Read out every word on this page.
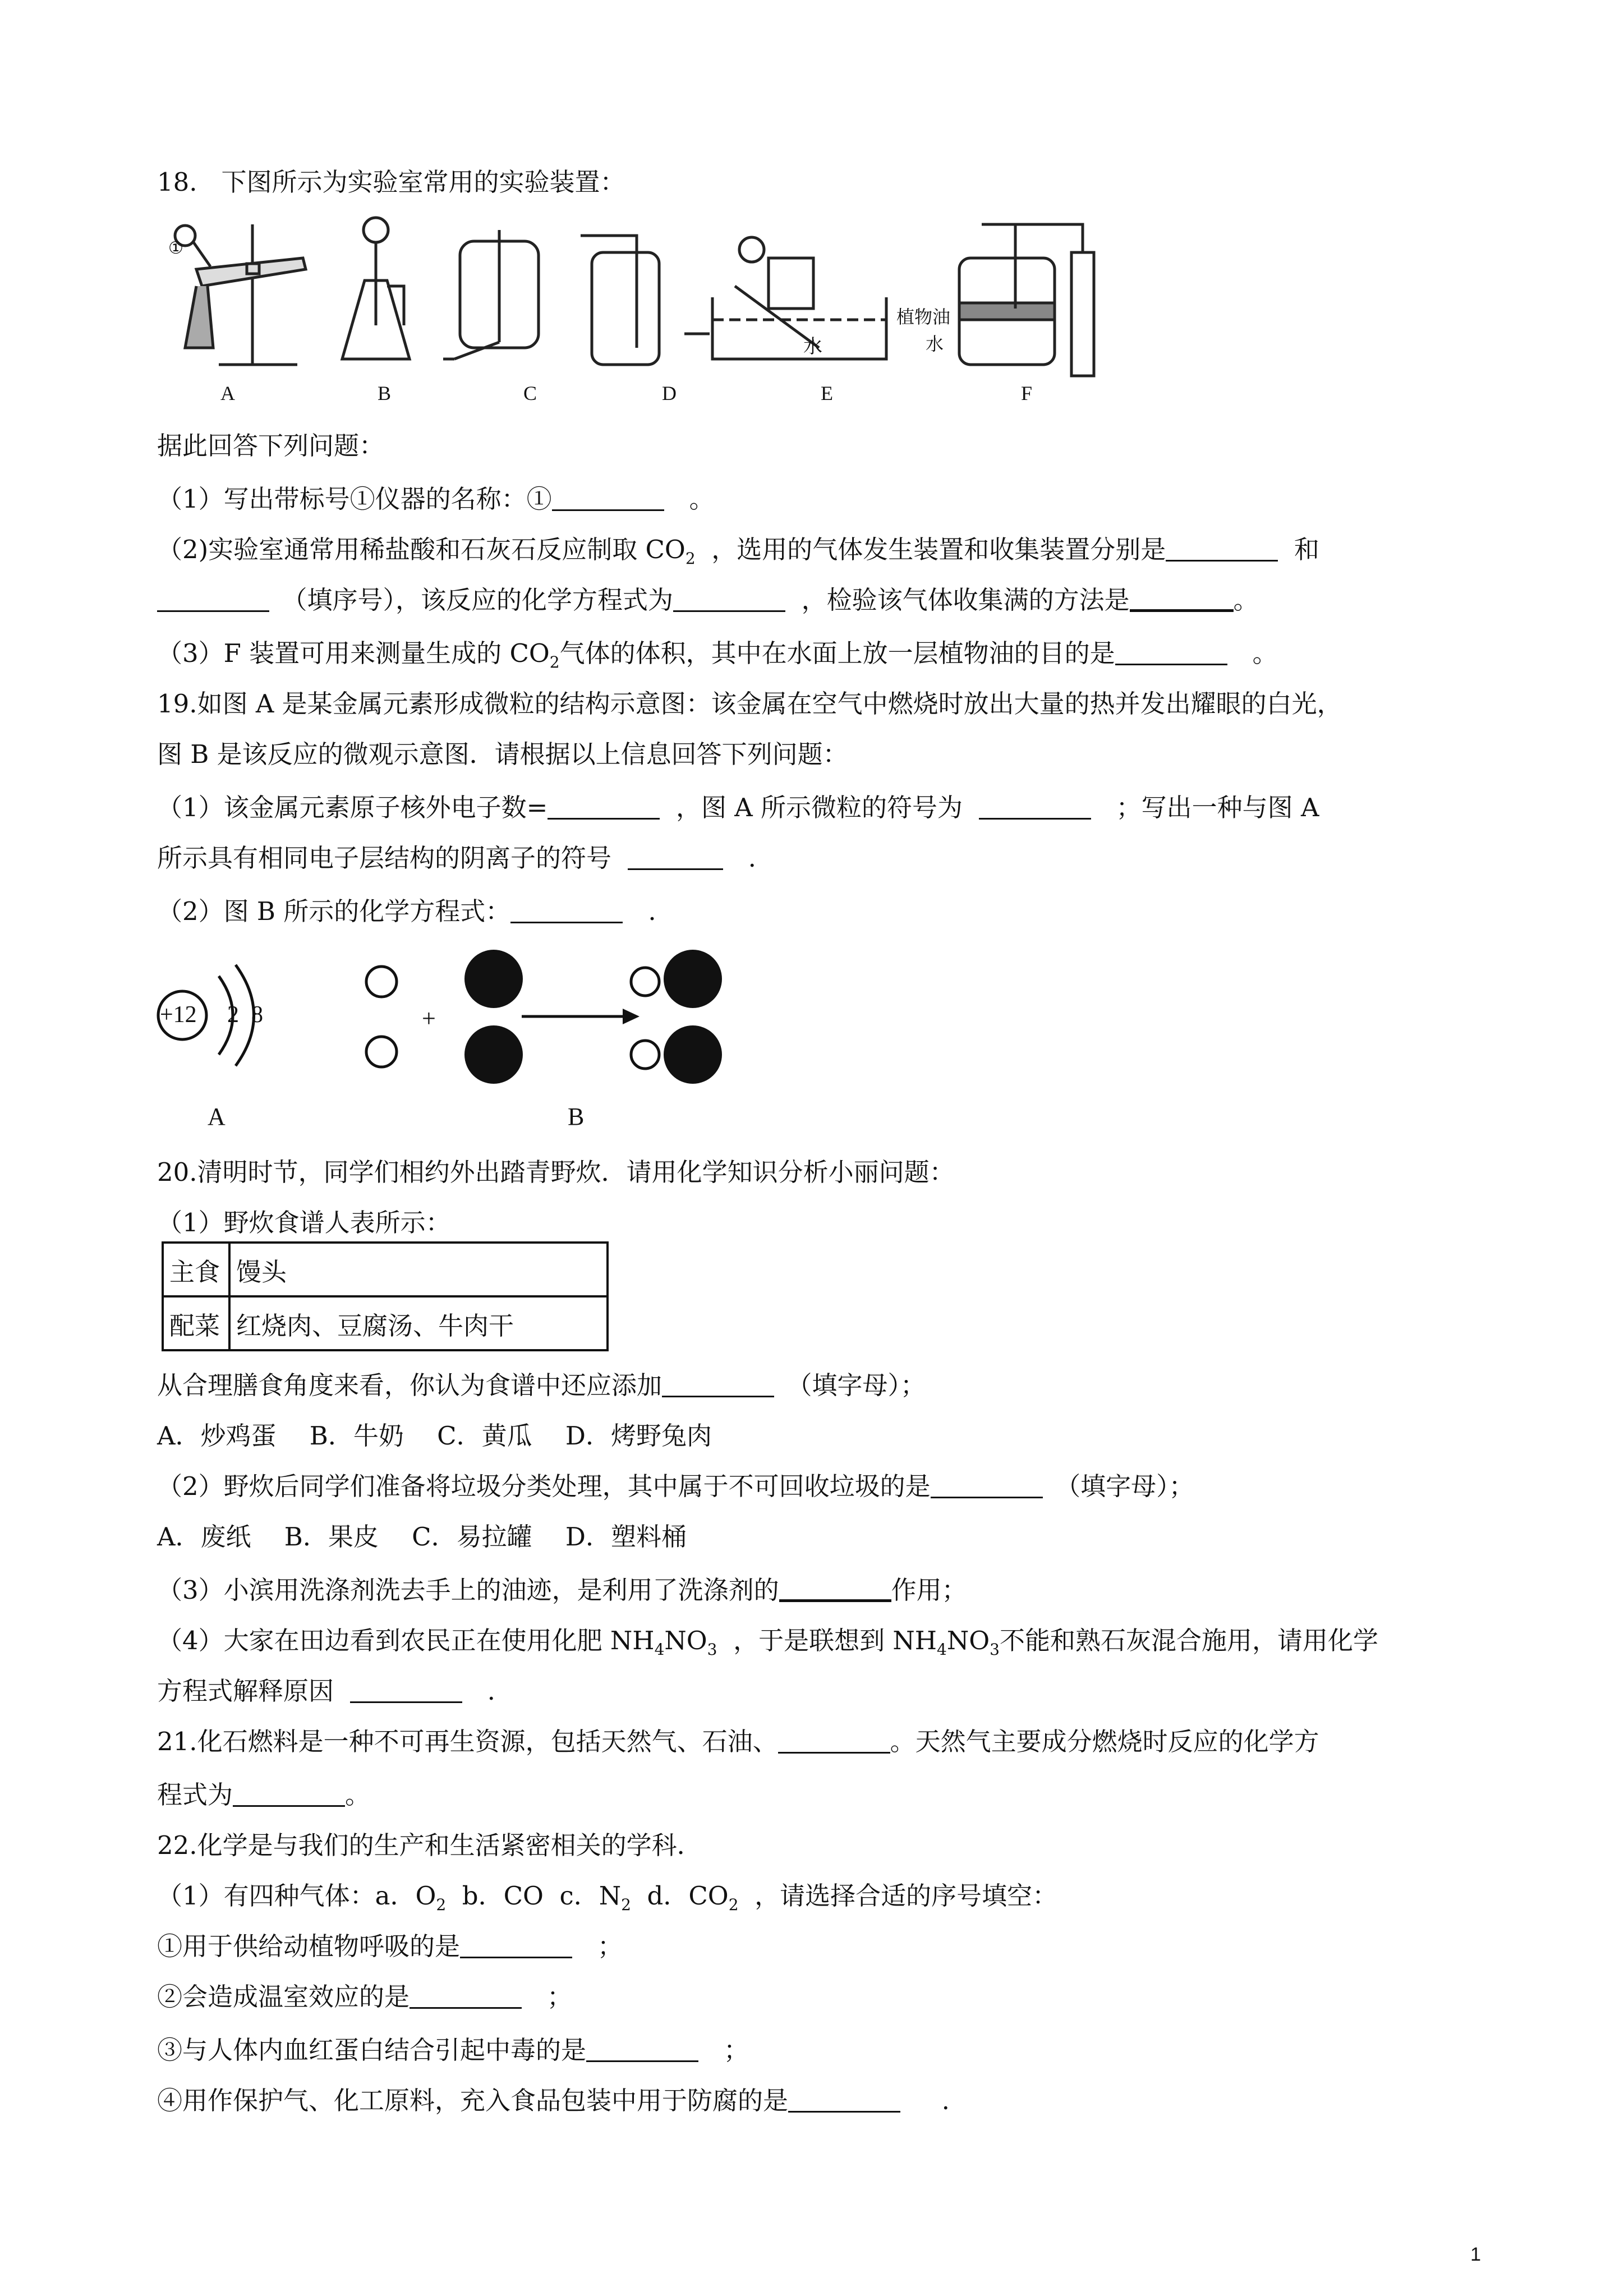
18.   下图所示为实验室常用的实验装置：
①
水
植物油
水
A	B	C	D	E	F
据此回答下列问题：
（1）写出带标号①仪器的名称：①	　。
（2)实验室通常用稀盐酸和石灰石反应制取 $CO_2$  ，选用的气体发生装置和收集装置分别是	和
　（填序号），该反应的化学方程式为	，检验该气体收集满的方法是	。
（3）F 装置可用来测量生成的 $CO_2$气体的体积，其中在水面上放一层植物油的目的是	　。
19.如图 A 是某金属元素形成微粒的结构示意图：该金属在空气中燃烧时放出大量的热并发出耀眼的白光，
图 B 是该反应的微观示意图．请根据以上信息回答下列问题：
（1）该金属元素原子核外电子数=	，图 A 所示微粒的符号为	　；写出一种与图 A
所示具有相同电子层结构的阴离子的符号	　.
（2）图 B 所示的化学方程式：	　.
+12 2 8	+
A	B
20.清明时节，同学们相约外出踏青野炊．请用化学知识分析小丽问题：
（1）野炊食谱人表所示：
主食	馒头
配菜	红烧肉、豆腐汤、牛肉干
从合理膳食角度来看，你认为食谱中还应添加	　（填字母）；
A．炒鸡蛋　 B．牛奶　 C．黄瓜　 D．烤野兔肉
（2）野炊后同学们准备将垃圾分类处理，其中属于不可回收垃圾的是	　（填字母）；
A．废纸　 B．果皮　 C．易拉罐　 D．塑料桶
（3）小滨用洗涤剂洗去手上的油迹，是利用了洗涤剂的	作用；
（4）大家在田边看到农民正在使用化肥 $NH_4NO_3$  ，于是联想到 $NH_4NO_3$不能和熟石灰混合施用，请用化学
方程式解释原因	　.
21.化石燃料是一种不可再生资源，包括天然气、石油、	。天然气主要成分燃烧时反应的化学方
程式为	。
22.化学是与我们的生产和生活紧密相关的学科．
（1）有四种气体：a．$O_2$  b．CO  c．$N_2$  d．$CO_2$  ，请选择合适的序号填空：
①用于供给动植物呼吸的是	　；
②会造成温室效应的是	　；
③与人体内血红蛋白结合引起中毒的是	　；
④用作保护气、化工原料，充入食品包装中用于防腐的是	　  .
1
